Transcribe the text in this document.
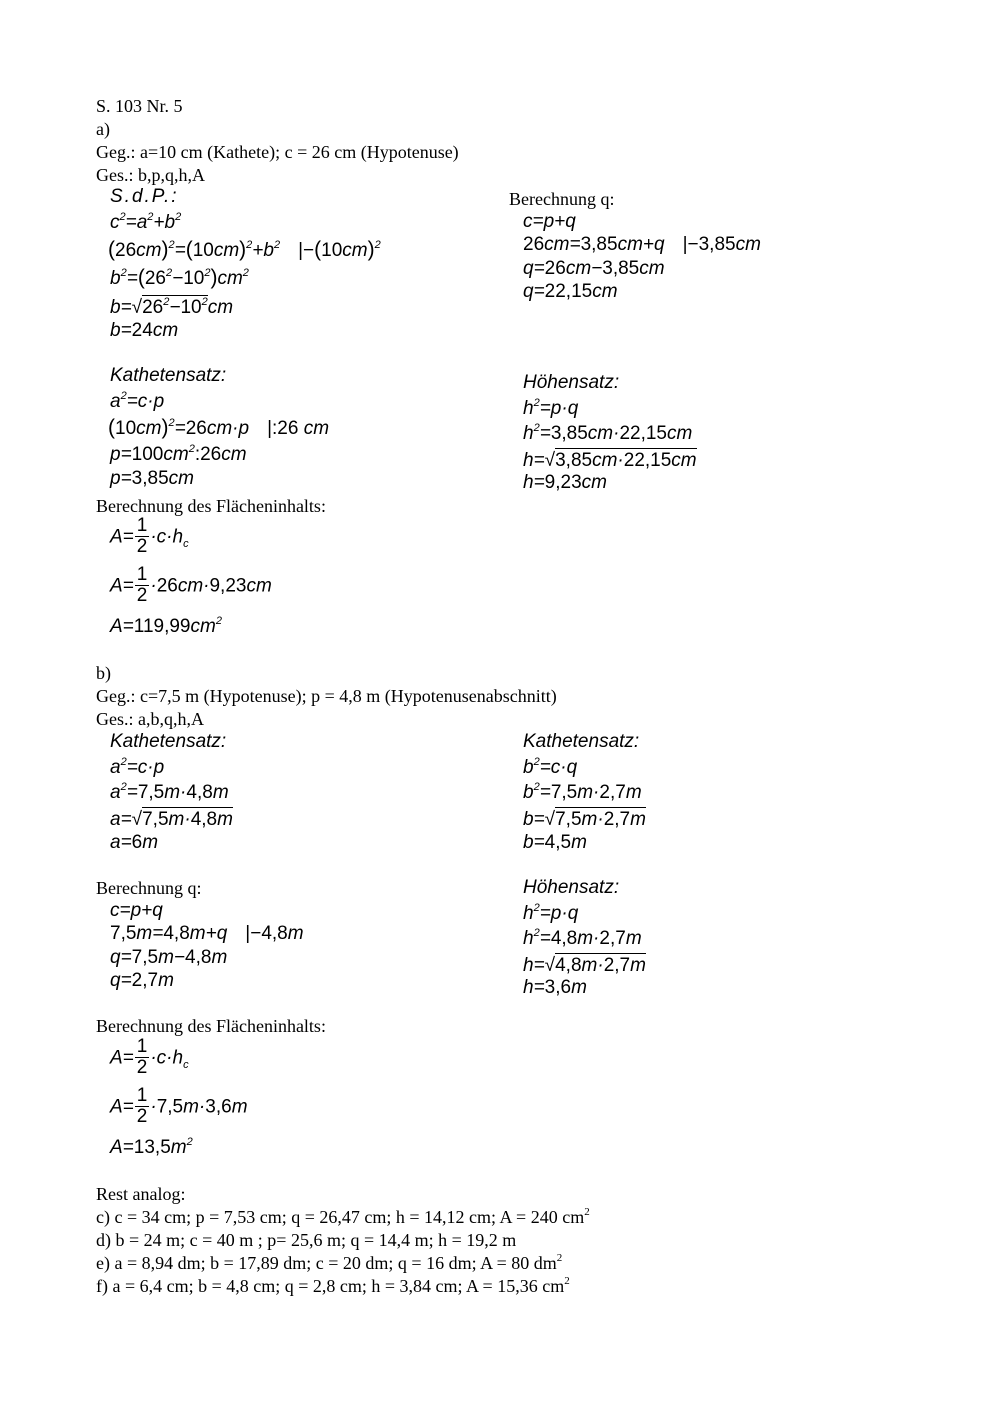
S. 103 Nr. 5
a)
Geg.: a=10 cm (Kathete); c = 26 cm (Hypotenuse)
Ges.: b,p,q,h,A
S.d.P.:
$c^2=a^2+b^2$
$(26cm)^2=(10cm)^2+b^2$ $|-(10cm)^2$
$b^2=(26^2-10^2)cm^2$
$b=√26^2-10^2cm$
b=24cm
Berechnung q:
c=p+q
26cm=3,85cm+q |−3,85cm
q=26cm−3,85cm
q=22,15cm
Kathetensatz:
$a^2=c\cdot p$
$(10cm)^2=26cm\cdot p$ |:26 cm
$p=100cm^2:26cm$
p=3,85cm
Höhensatz:
$h^2=p\cdot q$
$h^2=3,85cm\cdot 22,15cm$
h=√3,85cm·22,15cm
h=9,23cm
Berechnung des Flächeninhalts:
$A= \frac{1}{2} \cdot c\cdot h_c$
$A= \frac{1}{2} \cdot 26cm\cdot 9,23cm$
$A=119,99cm^2$
b)
Geg.: c=7,5 m (Hypotenuse); p = 4,8 m (Hypotenusenabschnitt)
Ges.: a,b,q,h,A
Kathetensatz:
$a^2=c\cdot p$
$a^2=7,5m\cdot 4,8m$
a=√7,5m·4,8m
a=6m
Kathetensatz:
$b^2=c\cdot q$
$b^2=7,5m\cdot 2,7m$
b=√7,5m·2,7m
b=4,5m
Berechnung q:
c=p+q
7,5m=4,8m+q |−4,8m
q=7,5m−4,8m
q=2,7m
Höhensatz:
$h^2=p\cdot q$
$h^2=4,8m\cdot 2,7m$
h=√4,8m·2,7m
h=3,6m
Berechnung des Flächeninhalts:
$A= \frac{1}{2} \cdot c\cdot h_c$
$A= \frac{1}{2} \cdot 7,5m\cdot 3,6m$
$A=13,5m^2$
Rest analog:
c) c = 34 cm; p = 7,53 cm; q = 26,47 cm; h = 14,12 cm; A = 240 $cm^2$
d) b = 24 m; c = 40 m ; p= 25,6 m; q = 14,4 m; h = 19,2 m
e) a = 8,94 dm; b = 17,89 dm; c = 20 dm; q = 16 dm; A = 80 $dm^2$
f) a = 6,4 cm; b = 4,8 cm; q = 2,8 cm; h = 3,84 cm; A = 15,36 $cm^2$
